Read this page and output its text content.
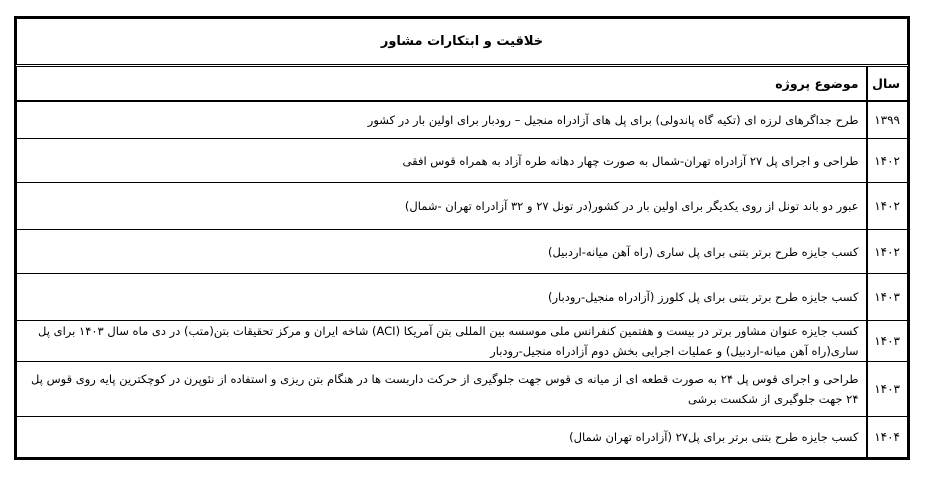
خلاقیت و ابتکارات مشاور	
سال	موضوع پروژه
۱۳۹۹	طرح جداگرهای لرزه ای (تکیه گاه پاندولی) برای پل های آزادراه منجیل – رودبار برای اولین بار در کشور
۱۴۰۲	طراحی و اجرای پل ۲۷ آزادراه تهران-شمال به صورت چهار دهانه طره آزاد به همراه قوس افقی
۱۴۰۲	عبور دو باند تونل از روی یکدیگر برای اولین بار در کشور(در تونل ۲۷ و ۳۲ آزادراه تهران -شمال)
۱۴۰۲	کسب جایزه طرح برتر بتنی برای پل ساری (راه آهن میانه-اردبیل)
۱۴۰۳	کسب جایزه طرح برتر بتنی برای پل کلورز (آزادراه منجیل-رودبار)
۱۴۰۳	کسب جایزه عنوان مشاور برتر در بیست و هفتمین کنفرانس ملی موسسه بین المللی بتن آمریکا (ACI) شاخه ایران و مرکز تحقیقات بتن(متب) در دی ماه سال ۱۴۰۳ برای پل ساری(راه آهن میانه-اردبیل) و عملیات اجرایی بخش دوم آزادراه منجیل-رودبار
۱۴۰۳	طراحی و اجرای قوس پل ۲۴ به صورت قطعه ای از میانه ی قوس جهت جلوگیری از حرکت داربست ها در هنگام بتن ریزی و استفاده از نئوپرن در کوچکترین پایه روی قوس پل ۲۴ جهت جلوگیری از شکست برشی
۱۴۰۴	کسب جایزه طرح بتنی برتر برای پل۲۷ (آزادراه تهران شمال)
